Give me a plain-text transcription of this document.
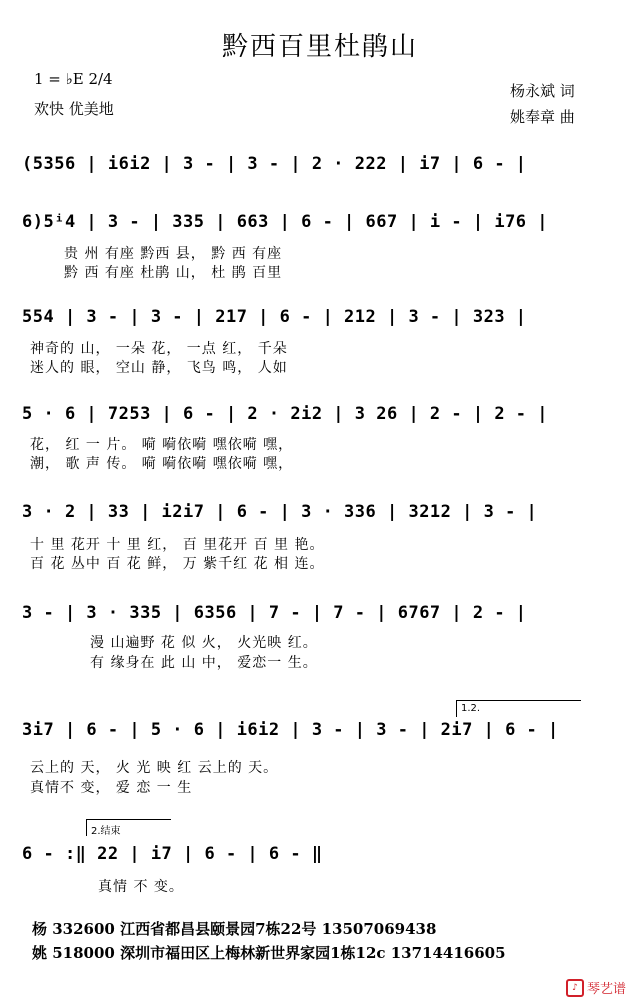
黔西百里杜鹃山
1 = ♭E 2/4
欢快 优美地
杨永斌 词
姚奉章 曲
(5356 | i6i2 | 3 - | 3 - | 2 · 222 | i7 | 6 - |
6)5ⁱ4 | 3 - | 335 | 663 | 6 - | 667 | i - | i76 |
贵 州 有座 黔西 县， 黔 西 有座
黔 西 有座 杜鹃 山， 杜 鹃 百里
554 | 3 - | 3 - | 217 | 6 - | 212 | 3 - | 323 |
神奇的 山， 一朵 花， 一点 红， 千朵
迷人的 眼， 空山 静， 飞鸟 鸣， 人如
5 · 6 | 7253 | 6 - | 2 · 2i2 | 3 26 | 2 - | 2 - |
花， 红 一 片。 嗬 嗬依嗬 嘿依嗬 嘿，
潮， 歌 声 传。 嗬 嗬依嗬 嘿依嗬 嘿，
3 · 2 | 33 | i2i7 | 6 - | 3 · 336 | 3212 | 3 - |
十 里 花开 十 里 红， 百 里花开 百 里 艳。
百 花 丛中 百 花 鲜， 万 紫千红 花 相 连。
3 - | 3 · 335 | 6356 | 7 - | 7 - | 6767 | 2 - |
漫 山遍野 花 似 火， 火光映 红。
有 缘身在 此 山 中， 爱恋一 生。
1.2.
3i7 | 6 - | 5 · 6 | i6i2 | 3 - | 3 - | 2i7 | 6 - |
云上的 天， 火 光 映 红 云上的 天。
真情不 变， 爱 恋 一 生
2.结束
6 - :‖ 22 | i7 | 6 - | 6 - ‖
真情 不 变。
杨 332600 江西省都昌县颐景园7栋22号 13507069438
姚 518000 深圳市福田区上梅林新世界家园1栋12c 13714416605
♪ 琴艺谱
